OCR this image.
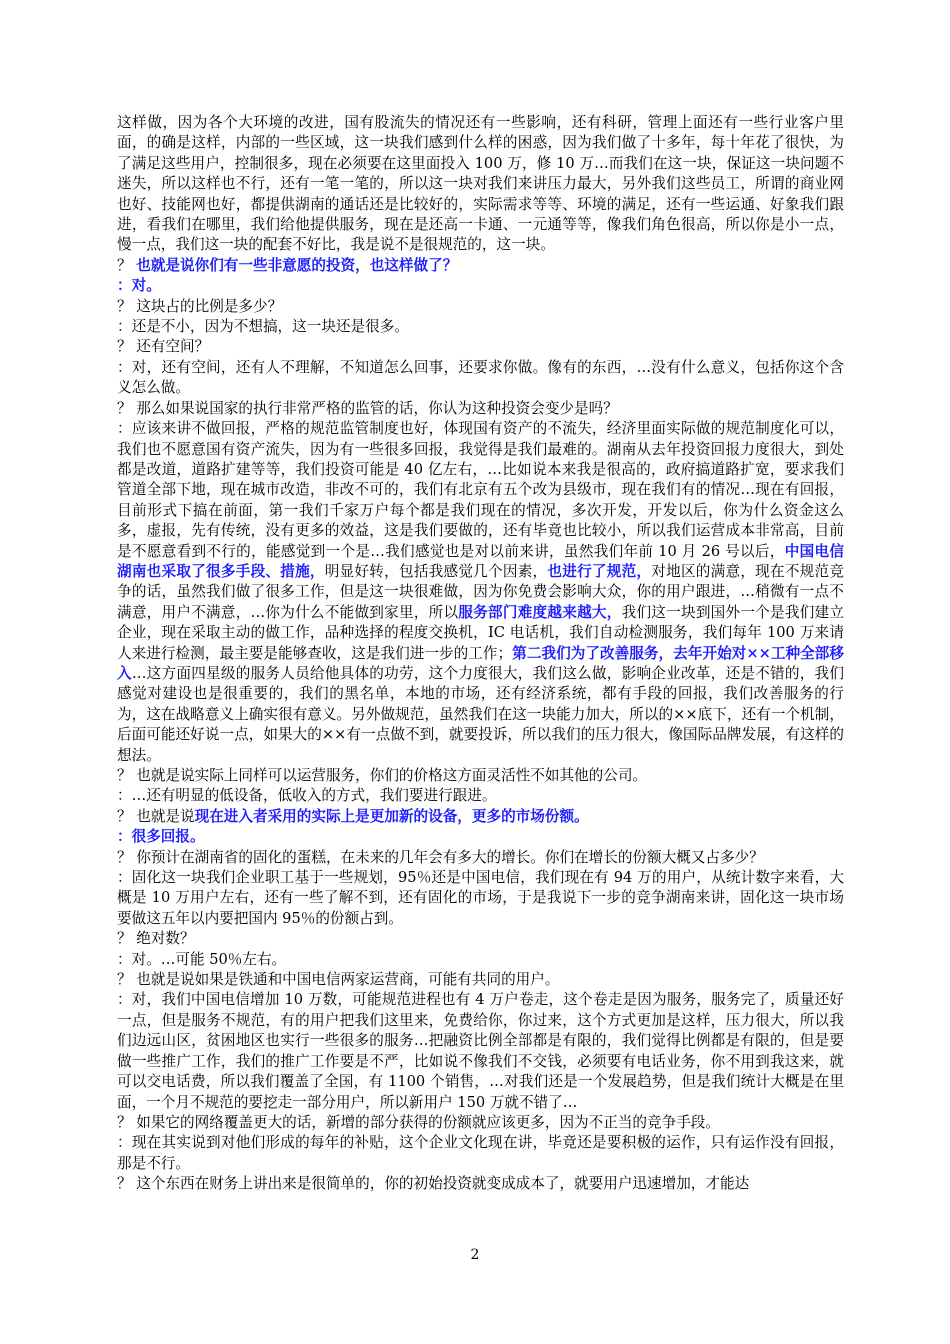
这样做，因为各个大环境的改进，国有股流失的情况还有一些影响，还有科研，管理上面还有一些行业客户里面，的确是这样，内部的一些区域，这一块我们感到什么样的困惑，因为我们做了十多年，每十年花了很快，为了满足这些用户，控制很多，现在必须要在这里面投入 100 万，修 10 万…而我们在这一块，保证这一块问题不迷失，所以这样也不行，还有一笔一笔的，所以这一块对我们来讲压力最大，另外我们这些员工，所谓的商业网也好、技能网也好，都提供湖南的通话还是比较好的，实际需求等等、环境的满足，还有一些运通、好象我们跟进，看我们在哪里，我们给他提供服务，现在是还高一卡通、一元通等等，像我们角色很高，所以你是小一点，慢一点，我们这一块的配套不好比，我是说不是很规范的，这一块。

？ 也就是说你们有一些非意愿的投资，也这样做了？

：对。

？ 这块占的比例是多少？

：还是不小，因为不想搞，这一块还是很多。

？ 还有空间？

：对，还有空间，还有人不理解，不知道怎么回事，还要求你做。像有的东西，…没有什么意义，包括你这个含义怎么做。

？ 那么如果说国家的执行非常严格的监管的话，你认为这种投资会变少是吗？

：应该来讲不做回报，严格的规范监管制度也好，体现国有资产的不流失，经济里面实际做的规范制度化可以，我们也不愿意国有资产流失，因为有一些很多回报，我觉得是我们最难的。湖南从去年投资回报力度很大，到处都是改道，道路扩建等等，我们投资可能是 40 亿左右，…比如说本来我是很高的，政府搞道路扩宽，要求我们管道全部下地，现在城市改造，非改不可的，我们有北京有五个改为县级市，现在我们有的情况…现在有回报，目前形式下搞在前面，第一我们千家万户每个都是我们现在的情况，多次开发，开发以后，你为什么资金这么多，虚报，先有传统，没有更多的效益，这是我们要做的，还有毕竟也比较小，所以我们运营成本非常高，目前是不愿意看到不行的，能感觉到一个是…我们感觉也是对以前来讲，虽然我们年前 10 月 26 号以后，中国电信湖南也采取了很多手段、措施，明显好转，包括我感觉几个因素，也进行了规范，对地区的满意，现在不规范竞争的话，虽然我们做了很多工作，但是这一块很难做，因为你免费会影响大众，你的用户跟进，…稍微有一点不满意，用户不满意，…你为什么不能做到家里，所以服务部门难度越来越大，我们这一块到国外一个是我们建立企业，现在采取主动的做工作，品种选择的程度交换机，IC 电话机，我们自动检测服务，我们每年 100 万来请人来进行检测，最主要是能够查收，这是我们进一步的工作；第二我们为了改善服务，去年开始对××工种全部移入…这方面四星级的服务人员给他具体的功劳，这个力度很大，我们这么做，影响企业改革，还是不错的，我们感觉对建设也是很重要的，我们的黑名单，本地的市场，还有经济系统，都有手段的回报，我们改善服务的行为，这在战略意义上确实很有意义。另外做规范，虽然我们在这一块能力加大，所以的××底下，还有一个机制，后面可能还好说一点，如果大的××有一点做不到，就要投诉，所以我们的压力很大，像国际品牌发展，有这样的想法。

？ 也就是说实际上同样可以运营服务，你们的价格这方面灵活性不如其他的公司。

：…还有明显的低设备，低收入的方式，我们要进行跟进。

？ 也就是说现在进入者采用的实际上是更加新的设备，更多的市场份额。

：很多回报。

？ 你预计在湖南省的固化的蛋糕，在未来的几年会有多大的增长。你们在增长的份额大概又占多少？

：固化这一块我们企业职工基于一些规划，95％还是中国电信，我们现在有 94 万的用户，从统计数字来看，大概是 10 万用户左右，还有一些了解不到，还有固化的市场，于是我说下一步的竞争湖南来讲，固化这一块市场要做这五年以内要把国内 95％的份额占到。

？ 绝对数？

：对。…可能 50％左右。

？ 也就是说如果是铁通和中国电信两家运营商，可能有共同的用户。

：对，我们中国电信增加 10 万数，可能规范进程也有 4 万户卷走，这个卷走是因为服务，服务完了，质量还好一点，但是服务不规范，有的用户把我们这里来，免费给你，你过来，这个方式更加是这样，压力很大，所以我们边远山区，贫困地区也实行一些很多的服务…把融资比例全部都是有限的，我们觉得比例都是有限的，但是要做一些推广工作，我们的推广工作要是不严，比如说不像我们不交钱，必须要有电话业务，你不用到我这来，就可以交电话费，所以我们覆盖了全国，有 1100 个销售，…对我们还是一个发展趋势，但是我们统计大概是在里面，一个月不规范的要挖走一部分用户，所以新用户 150 万就不错了…

？ 如果它的网络覆盖更大的话，新增的部分获得的份额就应该更多，因为不正当的竞争手段。

：现在其实说到对他们形成的每年的补贴，这个企业文化现在讲，毕竟还是要积极的运作，只有运作没有回报，那是不行。

？ 这个东西在财务上讲出来是很简单的，你的初始投资就变成成本了，就要用户迅速增加，才能达

2
